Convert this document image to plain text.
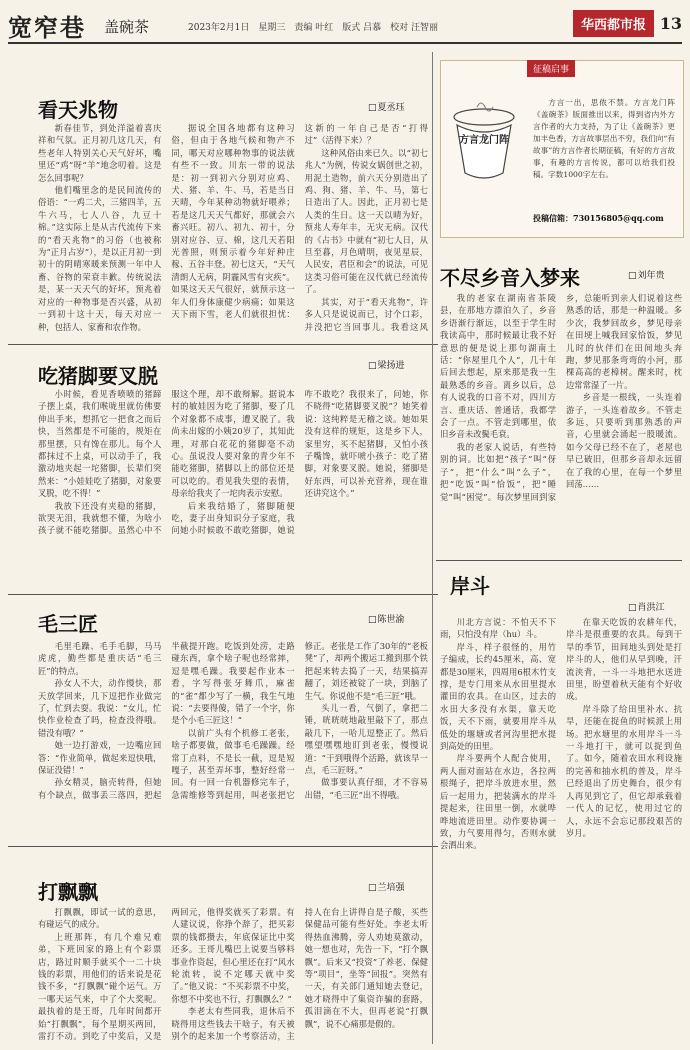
宽窄巷 盖碗茶	2023年2月1日　星期三　责编 叶红　版式 吕慕　校对 汪智丽	华西都市报 13
征稿启事
方言龙门阵
方言一出，思侬不禁。方言龙门阵《盖碗茶》版面推出以来，得到省内外方言作者的大力支持，为了让《盖碗茶》更加丰色香，方言故事层出不穷，我们向“有故事”的方言作者长期征稿，有好的方言故事，有趣的方言传说，都可以给我们投稿。字数1000字左右。
投稿信箱：730156805@qq.com
看天兆物	□ 夏丞珏
新春佳节，到处洋溢着喜庆祥和气氛。正月初几这几天，有些老年人特别关心天气好坏，嘴里还“鸡”呀“羊”地念叨着。这是怎么回事呢？
他们嘴里念的是民间流传的俗语：“一鸡二犬，三猪四羊，五牛六马，七人八谷，九豆十棉。”这实际上是从古代流传下来的“看天兆物”的习俗（也被称为“正月占岁”），是以正月初一到初十的阴晴寒暖来预测一年中人畜、谷物的荣衰丰歉。传统说法是，某一天天气的好坏，预兆着对应的一种物事是否兴盛，从初一到初十这十天，每天对应一种，包括人、家畜和农作物。
据说全国各地都有这种习俗，但由于各地气候和物产不同，哪天对应哪种物事的说法就有些不一致。川东一带的说法是：初一到初六分别对应鸡、犬、猪、羊、牛、马，若是当日天晴，今年某种动物就好喂养；若是这几天天气都好，那就会六畜兴旺。初八、初九、初十，分别对应谷、豆、棉，这几天若阳光普照，则预示着今年好种庄稼、五谷丰登。初七这天，“天气清朗人无病，阴霾风雪有灾疾”。如果这天天气很好，就预示这一年人们身体康健少病痛；如果这天下雨下雪，老人们就很担忧：这新的一年自己是否“打得过”（活得下来）？
这种风俗由来已久。以“初七兆人”为例，传说女娲创世之初，用泥土造物，前六天分别造出了鸡、狗、猪、羊、牛、马，第七日造出了人。因此，正月初七是人类的生日。这一天以晴为好，预兆人寿年丰，无灾无病。汉代的《占书》中就有“初七人日，从旦至暮，月色晴明，夜见星辰，人民安，君臣和会”的说法，可见这类习俗可能在汉代就已经流传了。
其实，对于“看天兆物”，许多人只是说说而已，讨个口彩，并没把它当回事儿。我看这风
吃猪脚要叉脱	□ 梁扬进
小时候，看见香喷喷的猪蹄子摆上桌，我们喉咙里就仿佛要伸出手来，想抓它一把食之而后快，当然都是不可能的，规矩在那里摆，只有馋在那儿。每个人都抹过不上桌，可以动手了，我激动地夹起一坨猪脚，长辈们突然来：“小娃娃吃了猪脚，对象要叉脱，吃不得！”
我放下还没有夹稳的猪脚，欲哭无泪，我就想不懂，为啥小孩子就不能吃猪脚。虽然心中不服这个理，却不敢辩解。据说本村的敏娃因为吃了猪脚，娶了几个对象都不成事，遭叉脱了。我尚未出嫁的小姨20岁了，其知此理，对那白花花的猪脚毫不动心。虽说没人要对象的青少年不能吃猪脚，猪脚以上的部位还是可以吃的。看见我失望的表情，母亲给我夹了一坨肉表示安慰。
后来我结婚了，猪脚随便吃，妻子出身知识分子家庭，我问她小时候敢不敢吃猪脚，她说咋不敢吃？我很来了，问她，你不晓得“吃猪脚要叉脱”？她笑着说：这纯粹是无稽之谈。她如果没有这样的规矩，这是乡下人，家里穷，买不起猪脚，又怕小孩子嘴馋，就吓唬小孩子：吃了猪脚，对象要叉脱。她说，猪脚是好东西，可以补充营养，现在谁还讲究这个。”
毛三匠	□ 陈世渝
毛里毛躁、毛手毛脚，马马虎虎，勤些都是重庆话“毛三匠”的特点。
孙女人不大，动作慢快，那天放学回来，几下逗把作业做完了，忙到去耍。我说：“女儿，忙快作业检查了吗，检查没得哦。错没有哦？”
她一边打游戏，一边嘴应回答：“作业简单，做起来逗快哦，保证没错！”
孙女精灵，脑壳转得，但她有个缺点，做事丢三落四，把起半截提开跑。吃饭到处涝，走路碰东西，拿个啥子呢也经常摔，逗是嘿毛躁。我要起作业本一看，字写得张牙舞爪，麻雀的“雀”都少写了一横，我生气地说：“去要得傻，错了一个字，你是个小毛三匠这！”
以前广头有个机修工老张，啥子都要做，做事毛毛躁躁。经常丁点料，不是长一截，逗是短嘎子，甚至弄坏事，整好经常一回。有一回一台机器修完车子，急需维修等到起用，叫老张把它修正。老张是工作了30年的“老板凳”了，却两个搬运工搬到那个铁把起来转去捣了一天，结果搞弄翻了，刘还被锭了一块，到脑了生气。你说他不是“毛三匠”哦。
头儿一看，气倒了，拿把二锤，咣咣咣地敲里敲下了，那点敲几下，一哈儿逗整正了。然后嘿望嘿嘿地盯到老张，慢慢说道：“干到哦得个活路，就该早一点，毛三匠呀。”
做事要认真仔细，才不容易出错，“毛三匠”出不得哦。
打飘飘	□ 兰培强
打飘飘，即试一试的意思，有碰运气的成分。
上班那阵，有几个难兄难弟，下班回家的路上有个彩票店，路过时顺手就买个一二十块钱的彩票，用他们的话来说是花钱不多，“打飘飘”碰个运气。万一哪天运气来，中了个大奖呢。最执着的是王哥，几年时间都开始“打飘飘”，每个星期买两回，雷打不动。到吃了中奖后，又是两回元，他得奖就买了彩票。有人建议说，你挣个辞了，把买彩票的钱都攒去，年底保证比中奖还多。王哥儿嘴巴上说要当够料事业作资起，但心里还在打“风水轮流转，说不定哪天就中奖了。”他又说：“不买彩票不中奖，你想不中奖也不行，打飘飘么？”
李老太有些同我，退休后不晓得用这些钱去干啥子，有天被别个的起来加一个考察活动，主持人在台上讲得自是子酸，买些保健品可能有些好处。李老太听得热血沸腾，旁人劝她莫激动，她一想也对，先告一下，“打个飘飘”。后来又“投资”了养老、保健等“项目”，坐等“回报”。突然有一天，有关部门通知她去登记，她才晓得中了集资诈骗的套路，孤泪滴在不大，但再老说“打飘飘”，说不心痛那是假的。
不尽乡音入梦来	□ 刘年贵
我的老家在湖南省茶陵县，在那地方漂泊久了，乡音乡语渐行渐远，以至于学生时我读高中，那时候最让我不好意思的便是说上那句湖南土话：“你屋里几个人”，几十年后回去想起，原来那是我一生最熟悉的乡音。离乡以后，总有人说我的口音不对，四川方言、重庆话、普通话，我都学会了一点。不管走到哪里，依旧乡音未改鬓毛衰。
我的老家人说话，有些特别的词。比如把“孩子”叫“伢子”，把“什么”叫“么子”，把“吃饭”叫“恰饭”，把“睡觉”叫“困觉”。每次梦里回到家乡，总能听到亲人们说着这些熟悉的话，那是一种温暖。多少次，我梦回故乡，梦见母亲在田埂上喊我回家恰饭，梦见儿时的伙伴们在田间地头奔跑，梦见那条弯弯的小河，那棵高高的老樟树。醒来时，枕边常常湿了一片。
乡音是一根线，一头连着游子，一头连着故乡。不管走多远，只要听到那熟悉的声音，心里就会涌起一股暖流。如今父母已经不在了，老屋也早已破旧，但那乡音却永远留在了我的心里，在每一个梦里回荡……
岸斗
□ 肖洪江
川北方言说：不怕天不下雨，只怕没有岸（hu）斗。
岸斗，样子很怪的，用竹子编成，长约45厘米，高、宽都是30厘米，四周用6根木竹支撑，是专门用来从水田里提水灌田的农具。在山区，过去的水田大多没有水渠，靠天吃饭，天不下雨，就要用岸斗从低处的堰塘或者河沟里把水提到高处的田里。
岸斗要两个人配合使用，两人面对面站在水边，各拉两根绳子，把岸斗放进水里，然后一起用力，把装满水的岸斗提起来，往田里一倒，水就哗哗地流进田里。动作要协调一致，力气要用得匀，否则水就会洒出来。
在靠天吃饭的农耕年代，岸斗是很重要的农具。每到干旱的季节，田间地头到处是打岸斗的人，他们从早到晚，汗流浃背，一斗一斗地把水送进田里，盼望着秋天能有个好收成。
岸斗除了给田里补水、抗旱，还能在捉鱼的时候派上用场。把水塘里的水用岸斗一斗一斗地打干，就可以捉到鱼了。如今，随着农田水利设施的完善和抽水机的普及，岸斗已经退出了历史舞台，很少有人再见到它了，但它却承载着一代人的记忆，使用过它的人，永远不会忘记那段艰苦的岁月。
